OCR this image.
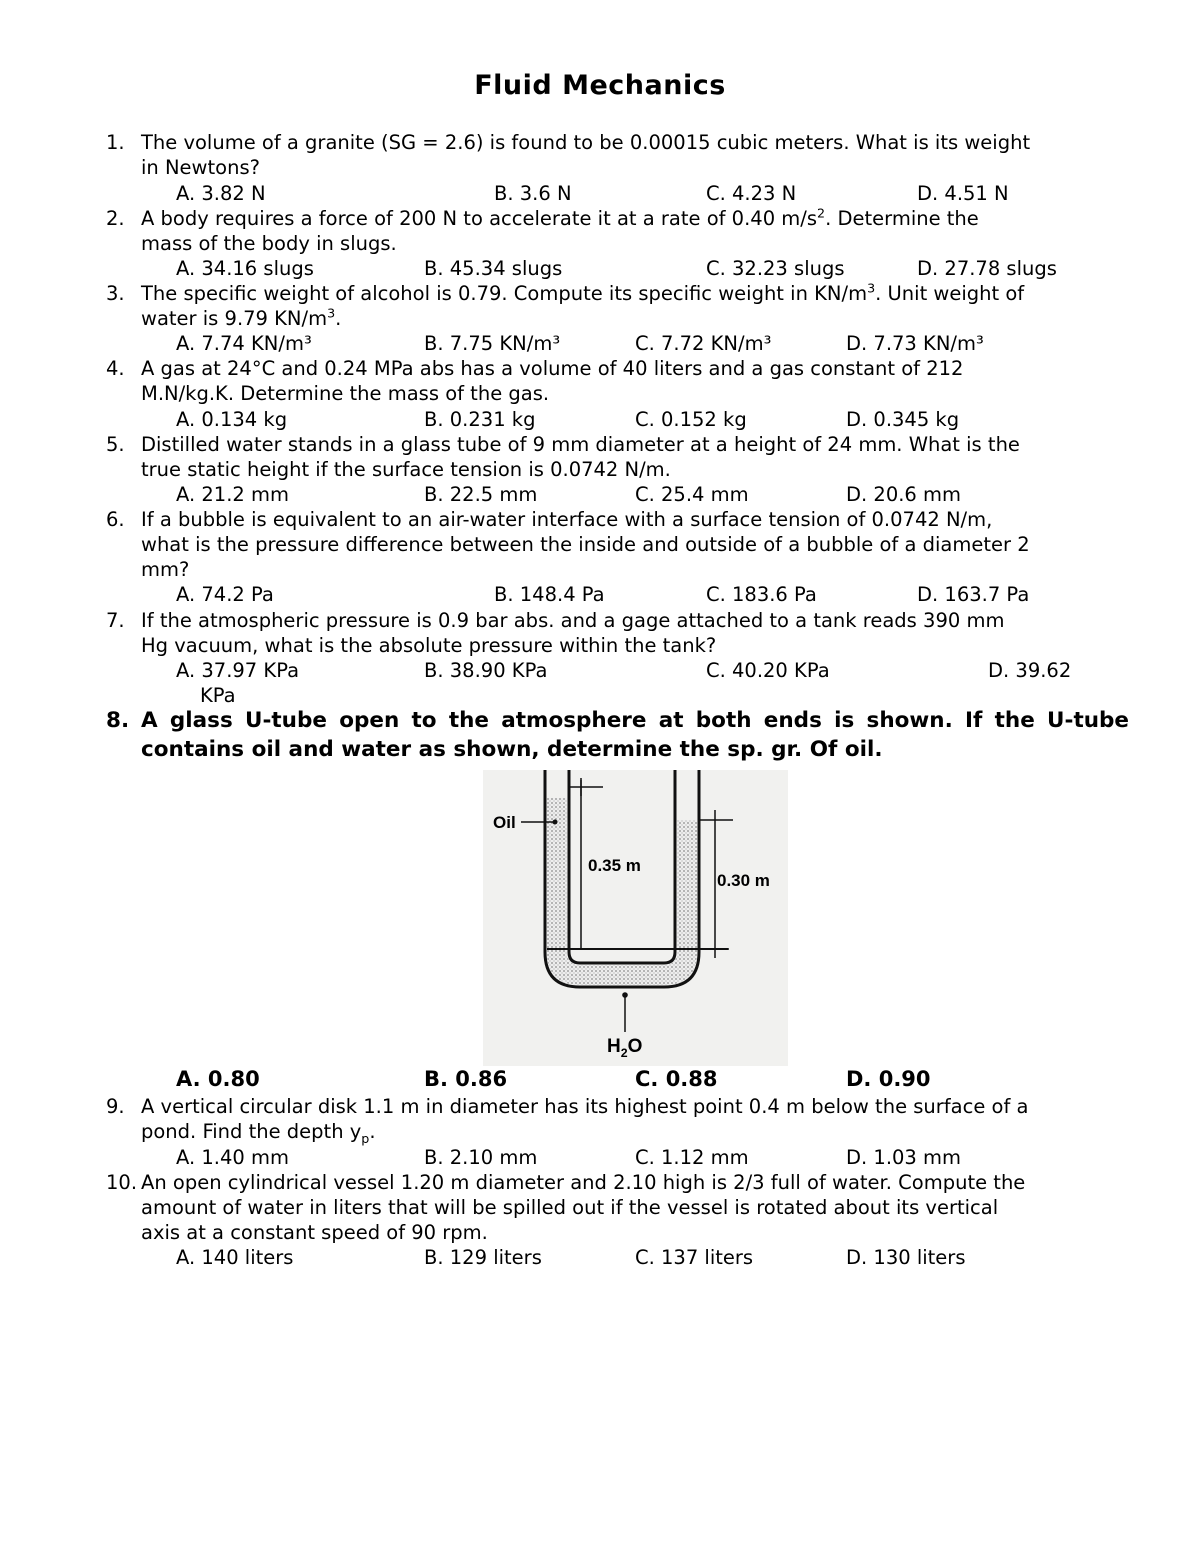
Fluid Mechanics
1. The volume of a granite (SG = 2.6) is found to be 0.00015 cubic meters. What is its weight
in Newtons?
A. 3.82 N	B. 3.6 N	C. 4.23 N	D. 4.51 N
2. A body requires a force of 200 N to accelerate it at a rate of 0.40 $m/s^2$. Determine the
mass of the body in slugs.
A. 34.16 slugs	B. 45.34 slugs	C. 32.23 slugs	D. 27.78 slugs
3. The specific weight of alcohol is 0.79. Compute its specific weight in $KN/m^3$. Unit weight of
water is 9.79 $KN/m^3$.
A. 7.74 KN/m³	B. 7.75 KN/m³	C. 7.72 KN/m³	D. 7.73 KN/m³
4. A gas at 24°C and 0.24 MPa abs has a volume of 40 liters and a gas constant of 212
M.N/kg.K. Determine the mass of the gas.
A. 0.134 kg	B. 0.231 kg	C. 0.152 kg	D. 0.345 kg
5. Distilled water stands in a glass tube of 9 mm diameter at a height of 24 mm. What is the
true static height if the surface tension is 0.0742 N/m.
A. 21.2 mm	B. 22.5 mm	C. 25.4 mm	D. 20.6 mm
6. If a bubble is equivalent to an air-water interface with a surface tension of 0.0742 N/m,
what is the pressure difference between the inside and outside of a bubble of a diameter 2
mm?
A. 74.2 Pa	B. 148.4 Pa	C. 183.6 Pa	D. 163.7 Pa
7. If the atmospheric pressure is 0.9 bar abs. and a gage attached to a tank reads 390 mm
Hg vacuum, what is the absolute pressure within the tank?
A. 37.97 KPa	B. 38.90 KPa	C. 40.20 KPa	D. 39.62
KPa
8. A glass U-tube open to the atmosphere at both ends is shown. If the U-tube contains oil and water as shown, determine the sp. gr. Of oil.
Oil
0.35 m
0.30 m
$H_2O$
A. 0.80	B. 0.86	C. 0.88	D. 0.90
9. A vertical circular disk 1.1 m in diameter has its highest point 0.4 m below the surface of a
pond. Find the depth $y_p$.
A. 1.40 mm	B. 2.10 mm	C. 1.12 mm	D. 1.03 mm
10. An open cylindrical vessel 1.20 m diameter and 2.10 high is 2/3 full of water. Compute the
amount of water in liters that will be spilled out if the vessel is rotated about its vertical
axis at a constant speed of 90 rpm.
A. 140 liters	B. 129 liters	C. 137 liters	D. 130 liters
